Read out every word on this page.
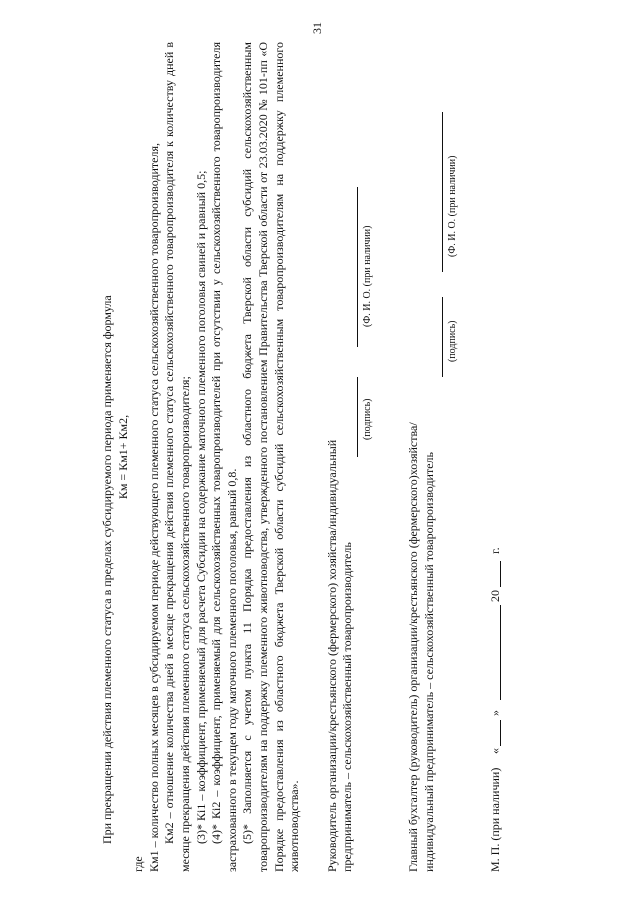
31

При прекращении действия племенного статуса в пределах субсидируемого периода применяется формула Км = Км1+ Км2,

где Км1 – количество полных месяцев в субсидируемом периоде действующего племенного статуса сельскохозяйственного товаропроизводителя, Км2 – отношение количества дней в месяце прекращения действия племенного статуса сельскохозяйственного товаропроизводителя к количеству дней в месяце прекращения действия племенного статуса сельскохозяйственного товаропроизводителя; (3)* Кi1 – коэффициент, применяемый для расчета Субсидии на содержание маточного племенного поголовья свиней и равный 0,5; (4)* Кi2 – коэффициент, применяемый для сельскохозяйственных товаропроизводителей при отсутствии у сельскохозяйственного товаропроизводителя застрахованного в текущем году маточного племенного поголовья, равный 0,8. (5)* Заполняется с учетом пункта 11 Порядка предоставления из областного бюджета Тверской области субсидий сельскохозяйственным товаропроизводителям на поддержку племенного животноводства, утвержденного постановлением Правительства Тверской области от 23.03.2020 № 101-пп «О Порядке предоставления из областного бюджета Тверской области субсидий сельскохозяйственным товаропроизводителям на поддержку племенного животноводства». Руководитель организации/крестьянского (фермерского) хозяйства/индивидуальный предприниматель – сельскохозяйственный товаропроизводитель
(подпись)
(Ф. И. О. (при наличии)

Главный бухгалтер (руководитель) организации/крестьянского (фермерского)хозяйства/ индивидуальный предприниматель – сельскохозяйственный товаропроизводитель
(подпись)
(Ф. И. О. (при наличии)
М. П. (при наличии)
«
»
20
г.
